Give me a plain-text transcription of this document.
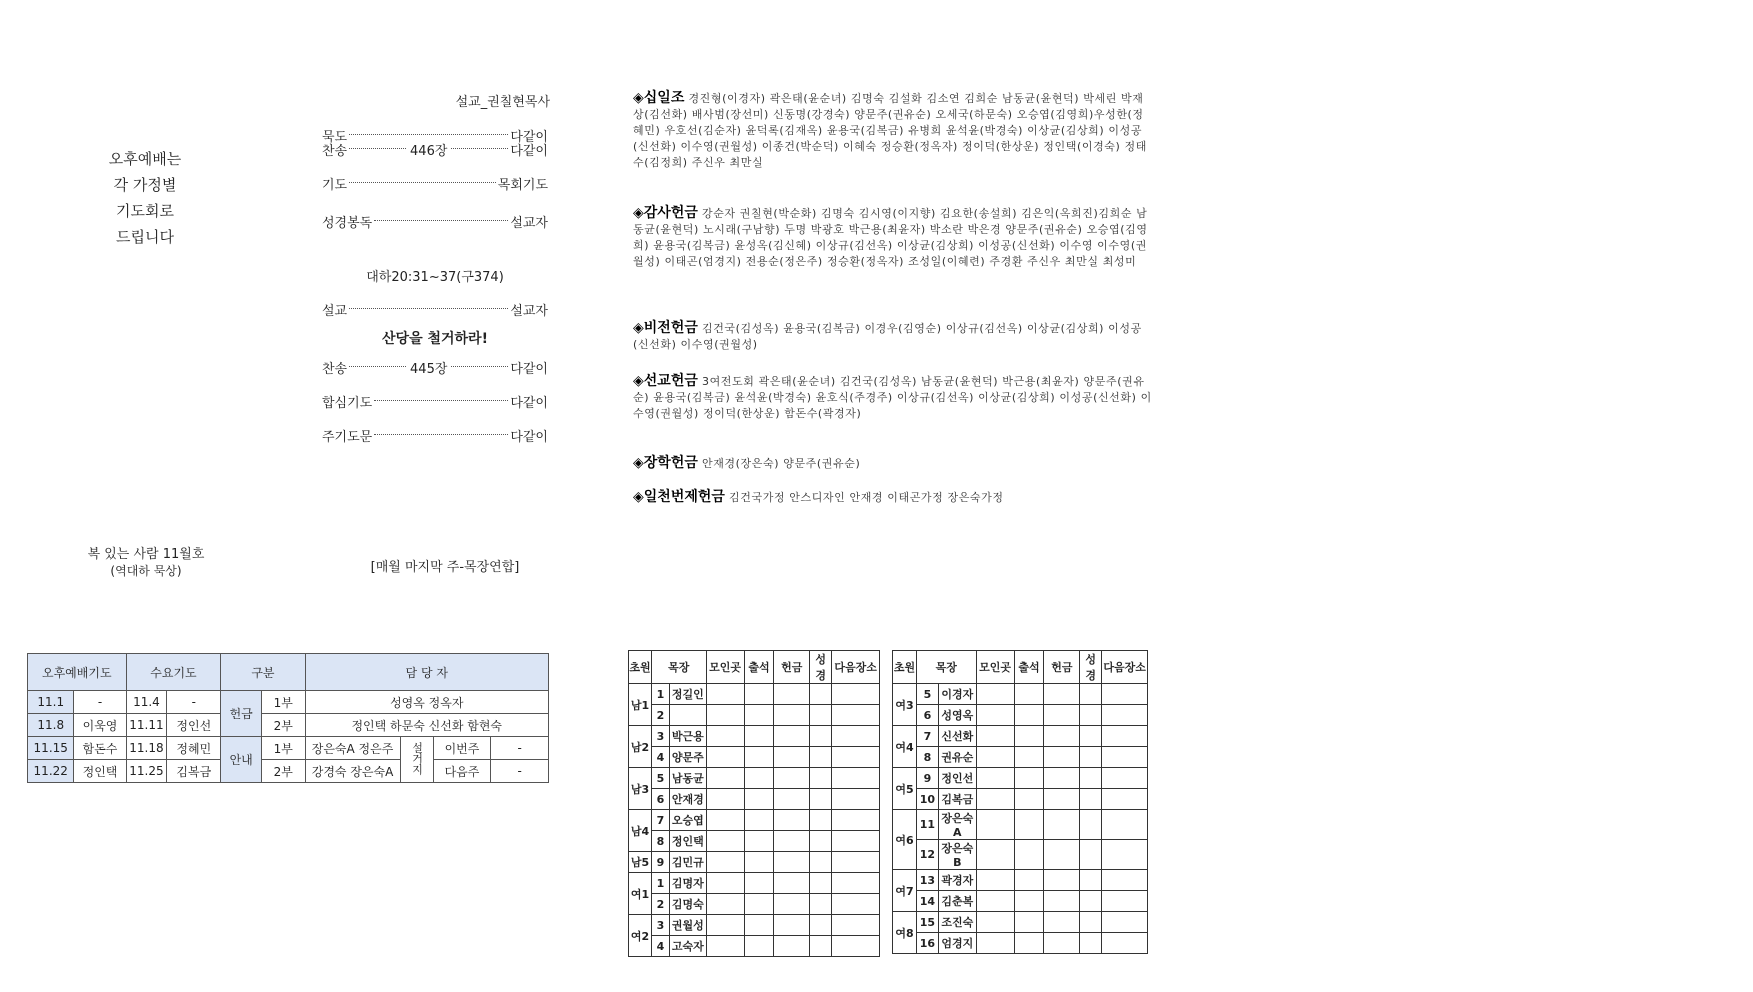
오후예배는
각 가정별
기도회로
드립니다
설교_권칠현목사
묵도	다같이
찬송	446장	다같이
기도	목회기도
성경봉독	설교자
설교	설교자
찬송	445장	다같이
합심기도	다같이
주기도문	다같이
대하20:31~37(구374)
산당을 철거하라!
◈십일조 경진형(이경자) 곽은태(윤순녀) 김명숙 김설화 김소연 김희순 남동균(윤현덕) 박세린 박재상(김선화) 배사범(장선미) 신동명(강경숙) 양문주(권유순) 오세국(하문숙) 오승엽(김영희)우성한(정혜민) 우호선(김순자) 윤덕록(김재옥) 윤용국(김복금) 유병희 윤석윤(박경숙) 이상균(김상희) 이성공(신선화) 이수영(권월성) 이종건(박순덕) 이혜숙 정승환(정옥자) 정이덕(한상운) 정인택(이경숙) 정태수(김정희) 주신우 최만실
◈감사헌금 강순자 권칠현(박순화) 김명숙 김시영(이지향) 김요한(송설희) 김은익(옥희진)김희순 남동균(윤현덕) 노시래(구남향) 두명 박광호 박근용(최윤자) 박소란 박은경 양문주(권유순) 오승엽(김영희) 윤용국(김복금) 윤성옥(김신혜) 이상규(김선옥) 이상균(김상희) 이성공(신선화) 이수영 이수영(권월성) 이태곤(엄경지) 전용순(정은주) 정승환(정옥자) 조성일(이혜련) 주경환 주신우 최만실 최성미
◈비전헌금 김건국(김성옥) 윤용국(김복금) 이경우(김영순) 이상규(김선옥) 이상균(김상희) 이성공(신선화) 이수영(권월성)
◈선교헌금 3여전도회 곽은태(윤순녀) 김건국(김성옥) 남동균(윤현덕) 박근용(최윤자) 양문주(권유순) 윤용국(김복금) 윤석윤(박경숙) 윤호식(주경주) 이상규(김선옥) 이상균(김상희) 이성공(신선화) 이수영(권월성) 정이덕(한상운) 함돈수(곽경자)
◈장학헌금 안재경(장은숙) 양문주(권유순)
◈일천번제헌금 김건국가정 안스디자인 안재경 이태곤가정 장은숙가정
복 있는 사람 11월호
(역대하 묵상)	[매월 마지막 주-목장연합]
오후예배기도		수요기도		구분		담 당 자			
11.1	-	11.4	-	헌금	1부	성영옥 정옥자			
11.8	이욱영	11.11	정인선		2부	정인택 하문숙 신선화 함현숙			
11.15	함돈수	11.18	정혜민	안내	1부	장은숙A 정은주	설거지	이번주	-
11.22	정인택	11.25	김복금		2부	강경숙 장은숙A		다음주	-
초원	목장		모인곳	출석	헌금	성경	다음장소
남1	1	정길인					
	2						
남2	3	박근용					
	4	양문주					
남3	5	남동균					
	6	안재경					
남4	7	오승엽					
	8	정인택					
남5	9	김민규					
여1	1	김명자					
	2	김명숙					
여2	3	권월성					
	4	고숙자					
초원	목장		모인곳	출석	헌금	성경	다음장소
여3	5	이경자					
	6	성영옥					
여4	7	신선화					
	8	권유순					
여5	9	정인선					
	10	김복금					
여6	11	장은숙A					
	12	장은숙B					
여7	13	곽경자					
	14	김춘복					
여8	15	조진숙					
	16	엄경지					
